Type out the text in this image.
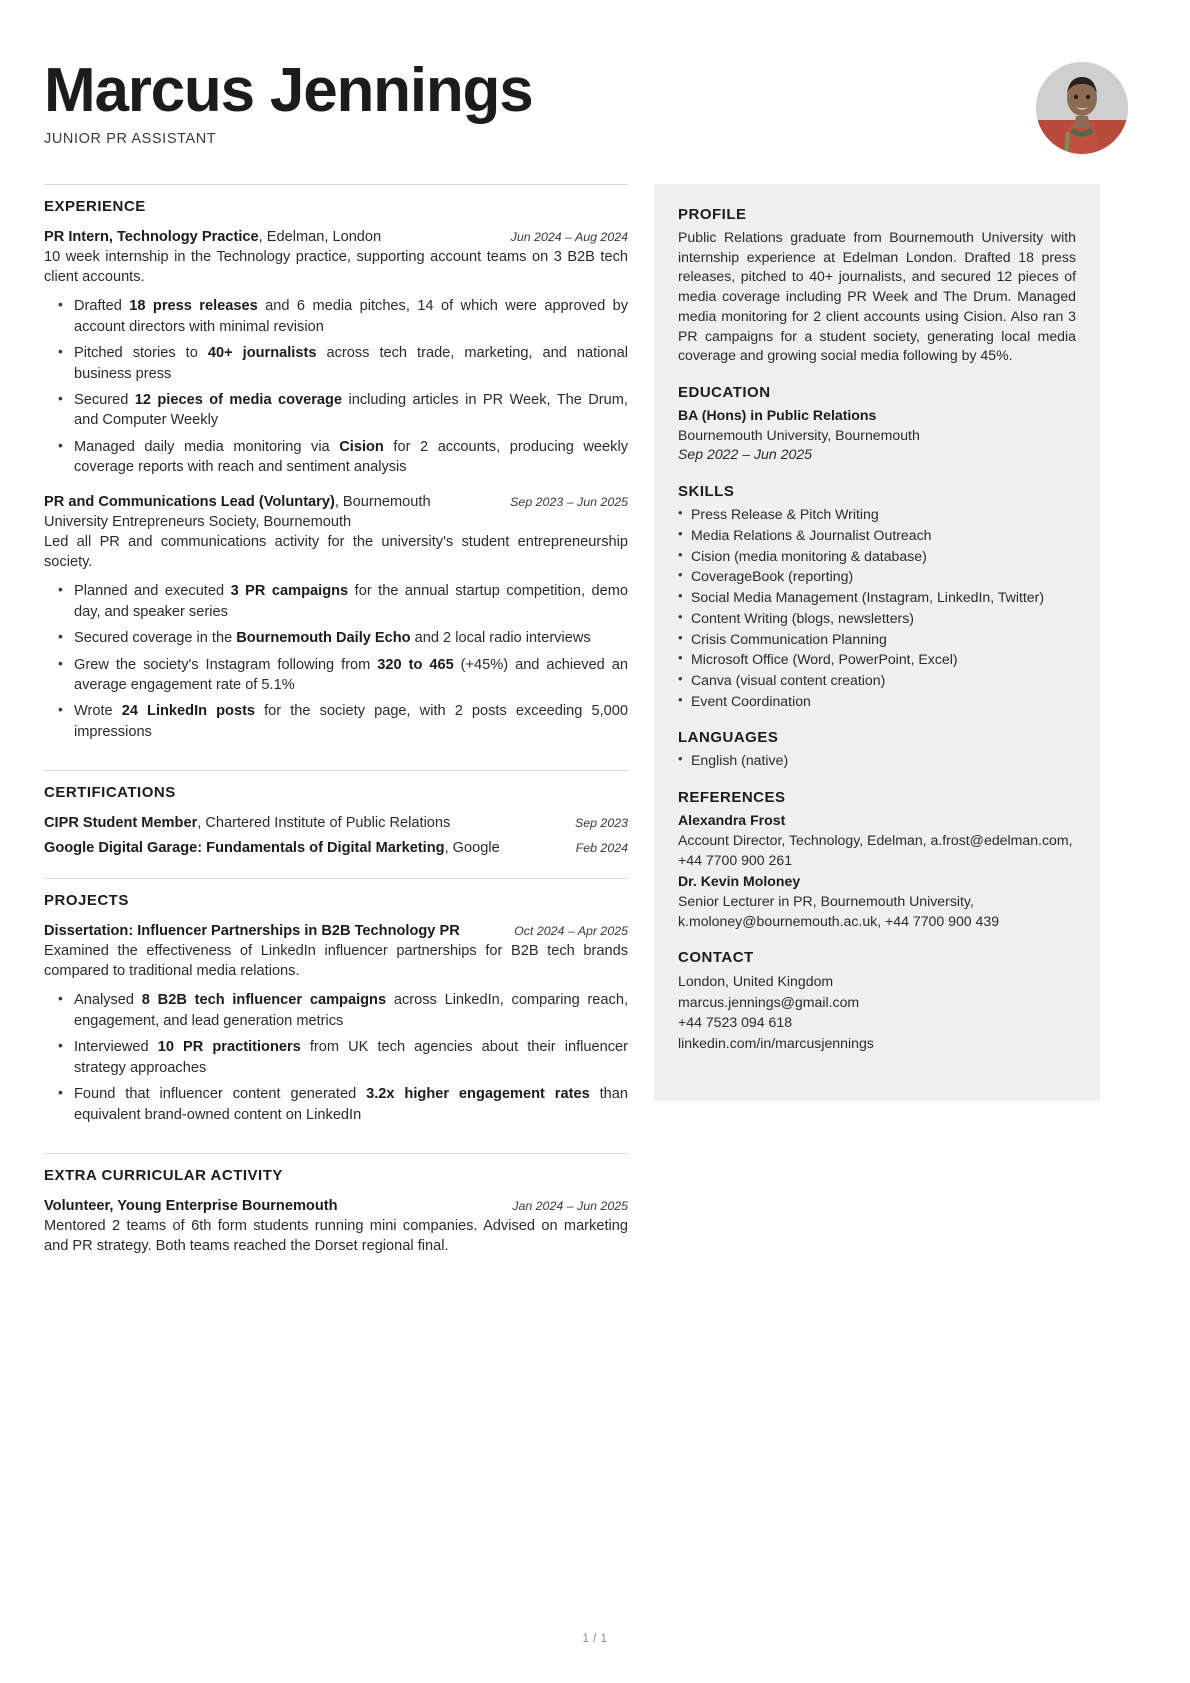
Marcus Jennings
JUNIOR PR ASSISTANT
EXPERIENCE
PR Intern, Technology Practice, Edelman, London	Jun 2024 – Aug 2024
10 week internship in the Technology practice, supporting account teams on 3 B2B tech client accounts.
• Drafted 18 press releases and 6 media pitches, 14 of which were approved by account directors with minimal revision
• Pitched stories to 40+ journalists across tech trade, marketing, and national business press
• Secured 12 pieces of media coverage including articles in PR Week, The Drum, and Computer Weekly
• Managed daily media monitoring via Cision for 2 accounts, producing weekly coverage reports with reach and sentiment analysis
PR and Communications Lead (Voluntary), Bournemouth University Entrepreneurs Society, Bournemouth
Sep 2023 – Jun 2025
Led all PR and communications activity for the university's student entrepreneurship society.
• Planned and executed 3 PR campaigns for the annual startup competition, demo day, and speaker series
• Secured coverage in the Bournemouth Daily Echo and 2 local radio interviews
• Grew the society's Instagram following from 320 to 465 (+45%) and achieved an average engagement rate of 5.1%
• Wrote 24 LinkedIn posts for the society page, with 2 posts exceeding 5,000 impressions
CERTIFICATIONS
CIPR Student Member, Chartered Institute of Public Relations	Sep 2023
Google Digital Garage: Fundamentals of Digital Marketing, Google	Feb 2024
PROJECTS
Dissertation: Influencer Partnerships in B2B Technology PR	Oct 2024 – Apr 2025
Examined the effectiveness of LinkedIn influencer partnerships for B2B tech brands compared to traditional media relations.
• Analysed 8 B2B tech influencer campaigns across LinkedIn, comparing reach, engagement, and lead generation metrics
• Interviewed 10 PR practitioners from UK tech agencies about their influencer strategy approaches
• Found that influencer content generated 3.2x higher engagement rates than equivalent brand-owned content on LinkedIn
EXTRA CURRICULAR ACTIVITY
Volunteer, Young Enterprise Bournemouth	Jan 2024 – Jun 2025
Mentored 2 teams of 6th form students running mini companies. Advised on marketing and PR strategy. Both teams reached the Dorset regional final.
PROFILE
Public Relations graduate from Bournemouth University with internship experience at Edelman London. Drafted 18 press releases, pitched to 40+ journalists, and secured 12 pieces of media coverage including PR Week and The Drum. Managed media monitoring for 2 client accounts using Cision. Also ran 3 PR campaigns for a student society, generating local media coverage and growing social media following by 45%.
EDUCATION
BA (Hons) in Public Relations
Bournemouth University, Bournemouth
Sep 2022 – Jun 2025
SKILLS
• Press Release & Pitch Writing
• Media Relations & Journalist Outreach
• Cision (media monitoring & database)
• CoverageBook (reporting)
• Social Media Management (Instagram, LinkedIn, Twitter)
• Content Writing (blogs, newsletters)
• Crisis Communication Planning
• Microsoft Office (Word, PowerPoint, Excel)
• Canva (visual content creation)
• Event Coordination
LANGUAGES
• English (native)
REFERENCES
Alexandra Frost
Account Director, Technology, Edelman, a.frost@edelman.com, +44 7700 900 261
Dr. Kevin Moloney
Senior Lecturer in PR, Bournemouth University, k.moloney@bournemouth.ac.uk, +44 7700 900 439
CONTACT
London, United Kingdom
marcus.jennings@gmail.com
+44 7523 094 618
linkedin.com/in/marcusjennings
1 / 1
